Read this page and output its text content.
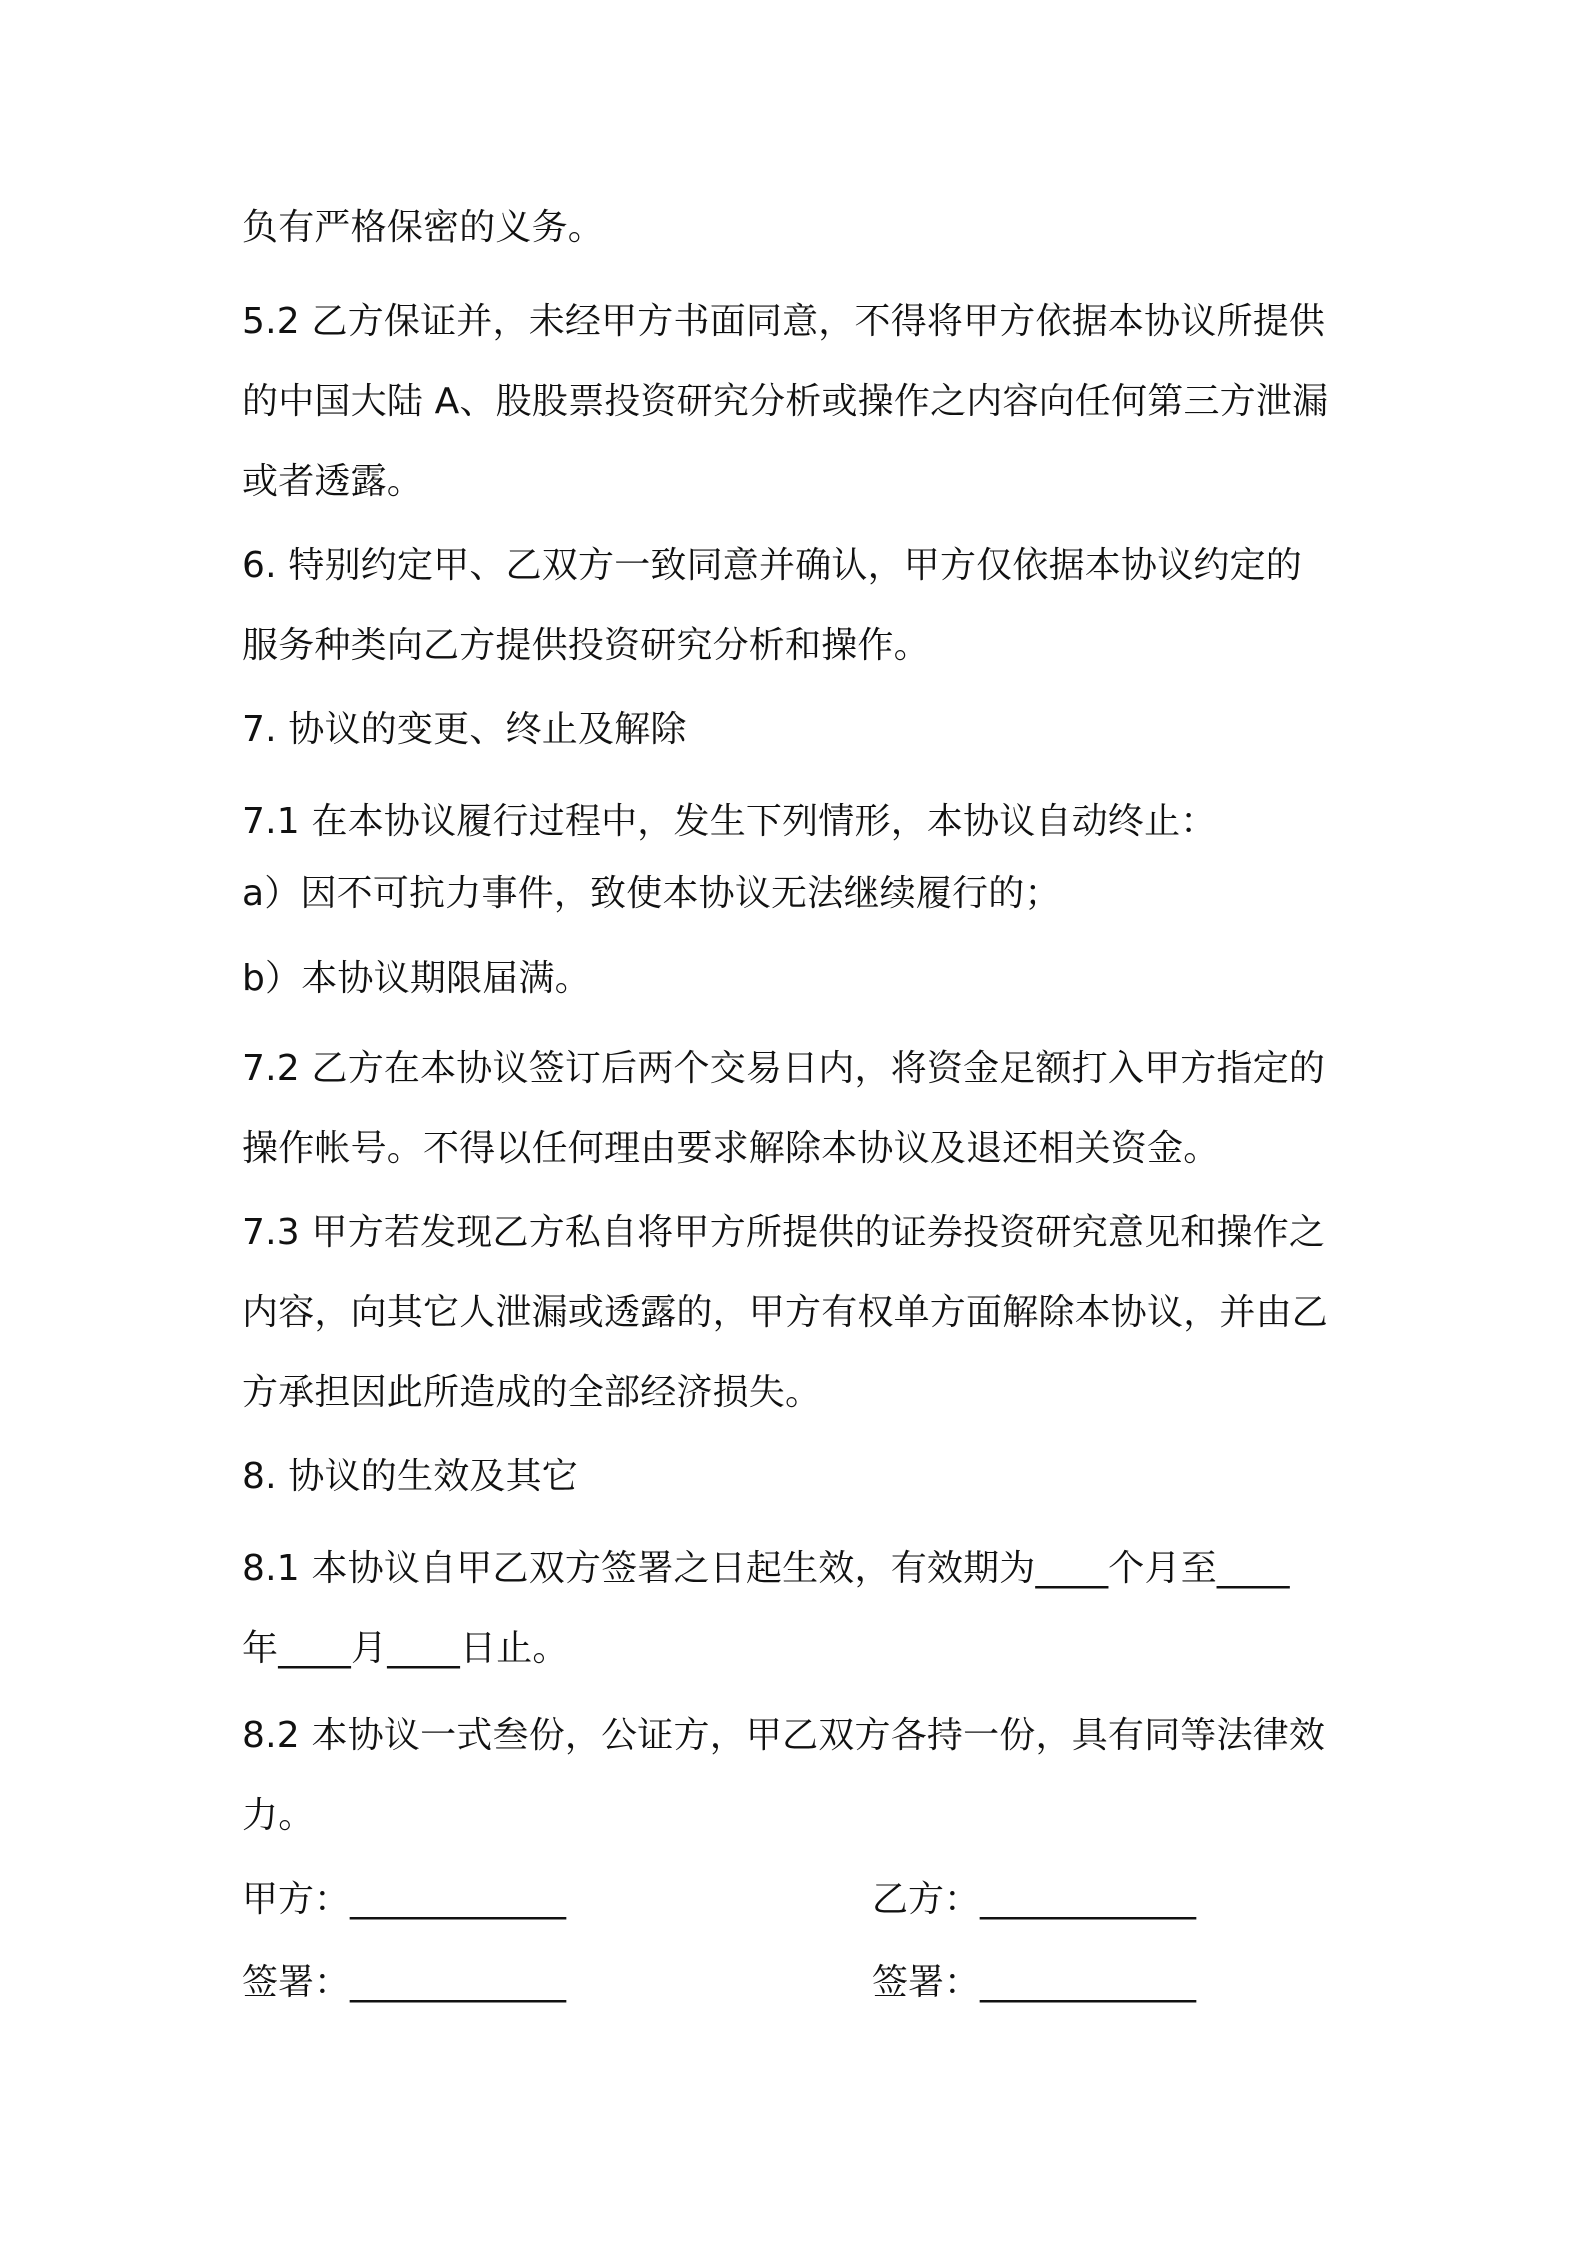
负有严格保密的义务。
5.2 乙方保证并，未经甲方书面同意，不得将甲方依据本协议所提供
的中国大陆 A、股股票投资研究分析或操作之内容向任何第三方泄漏
或者透露。
6. 特别约定甲、乙双方一致同意并确认，甲方仅依据本协议约定的
服务种类向乙方提供投资研究分析和操作。
7. 协议的变更、终止及解除
7.1 在本协议履行过程中，发生下列情形，本协议自动终止：
a）因不可抗力事件，致使本协议无法继续履行的；
b）本协议期限届满。
7.2 乙方在本协议签订后两个交易日内，将资金足额打入甲方指定的
操作帐号。不得以任何理由要求解除本协议及退还相关资金。
7.3 甲方若发现乙方私自将甲方所提供的证券投资研究意见和操作之
内容，向其它人泄漏或透露的，甲方有权单方面解除本协议，并由乙
方承担因此所造成的全部经济损失。
8. 协议的生效及其它
8.1 本协议自甲乙双方签署之日起生效，有效期为____个月至____
年____月____日止。
8.2 本协议一式叁份，公证方，甲乙双方各持一份，具有同等法律效
力。
甲方：____________	乙方：____________
签署：____________	签署：____________
